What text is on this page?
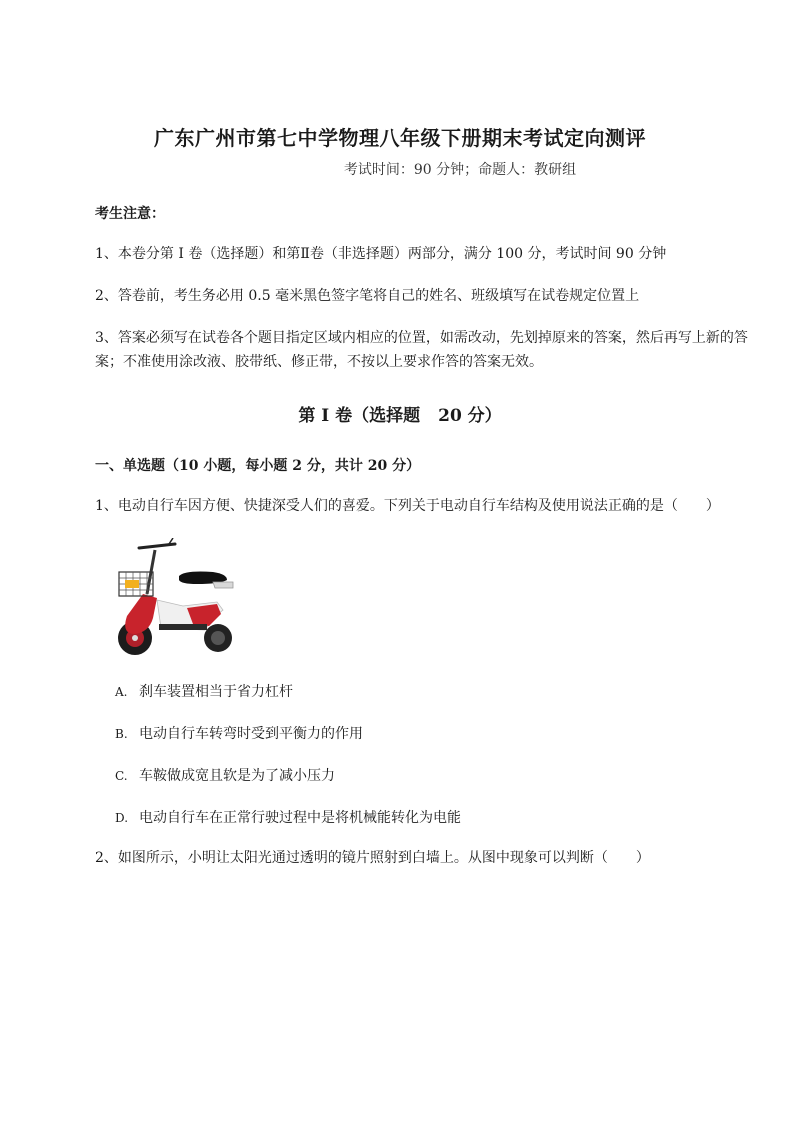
广东广州市第七中学物理八年级下册期末考试定向测评
考试时间：90 分钟；命题人：教研组
考生注意：
1、本卷分第 I 卷（选择题）和第Ⅱ卷（非选择题）两部分，满分 100 分，考试时间 90 分钟
2、答卷前，考生务必用 0.5 毫米黑色签字笔将自己的姓名、班级填写在试卷规定位置上
3、答案必须写在试卷各个题目指定区域内相应的位置，如需改动，先划掉原来的答案，然后再写上新的答案；不准使用涂改液、胶带纸、修正带，不按以上要求作答的答案无效。
第 I 卷（选择题 20 分）
一、单选题（10 小题，每小题 2 分，共计 20 分）
1、电动自行车因方便、快捷深受人们的喜爱。下列关于电动自行车结构及使用说法正确的是（　　）
A. 刹车装置相当于省力杠杆
B. 电动自行车转弯时受到平衡力的作用
C. 车鞍做成宽且软是为了减小压力
D. 电动自行车在正常行驶过程中是将机械能转化为电能
2、如图所示，小明让太阳光通过透明的镜片照射到白墙上。从图中现象可以判断（　　）
